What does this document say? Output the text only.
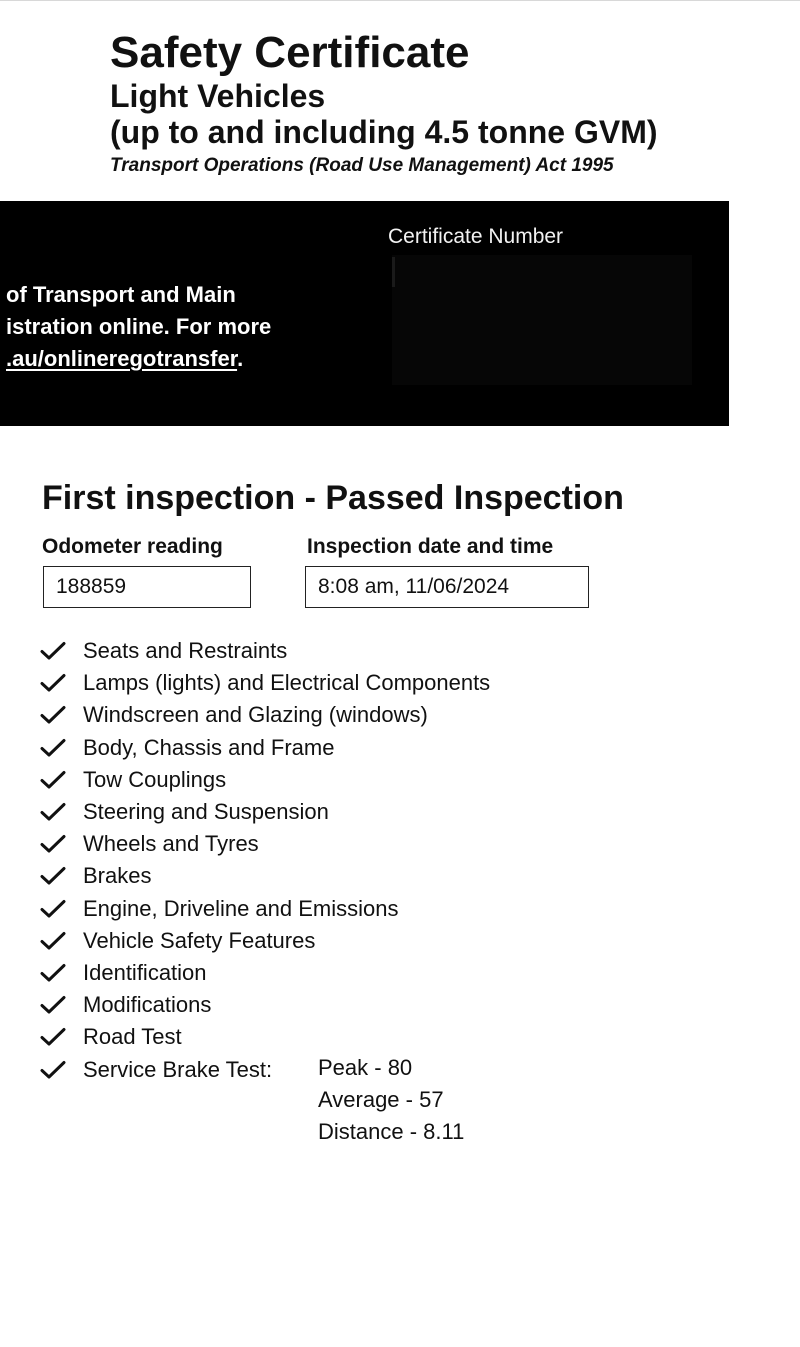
Safety Certificate
Light Vehicles
(up to and including 4.5 tonne GVM)
Transport Operations (Road Use Management) Act 1995
Certificate Number
of Transport and Main
istration online. For more
.au/onlineregotransfer.
First inspection - Passed Inspection
Odometer reading
188859
Inspection date and time
8:08 am, 11/06/2024
Seats and Restraints
Lamps (lights) and Electrical Components
Windscreen and Glazing (windows)
Body, Chassis and Frame
Tow Couplings
Steering and Suspension
Wheels and Tyres
Brakes
Engine, Driveline and Emissions
Vehicle Safety Features
Identification
Modifications
Road Test
Service Brake Test: Peak - 80
Average - 57
Distance - 8.11
